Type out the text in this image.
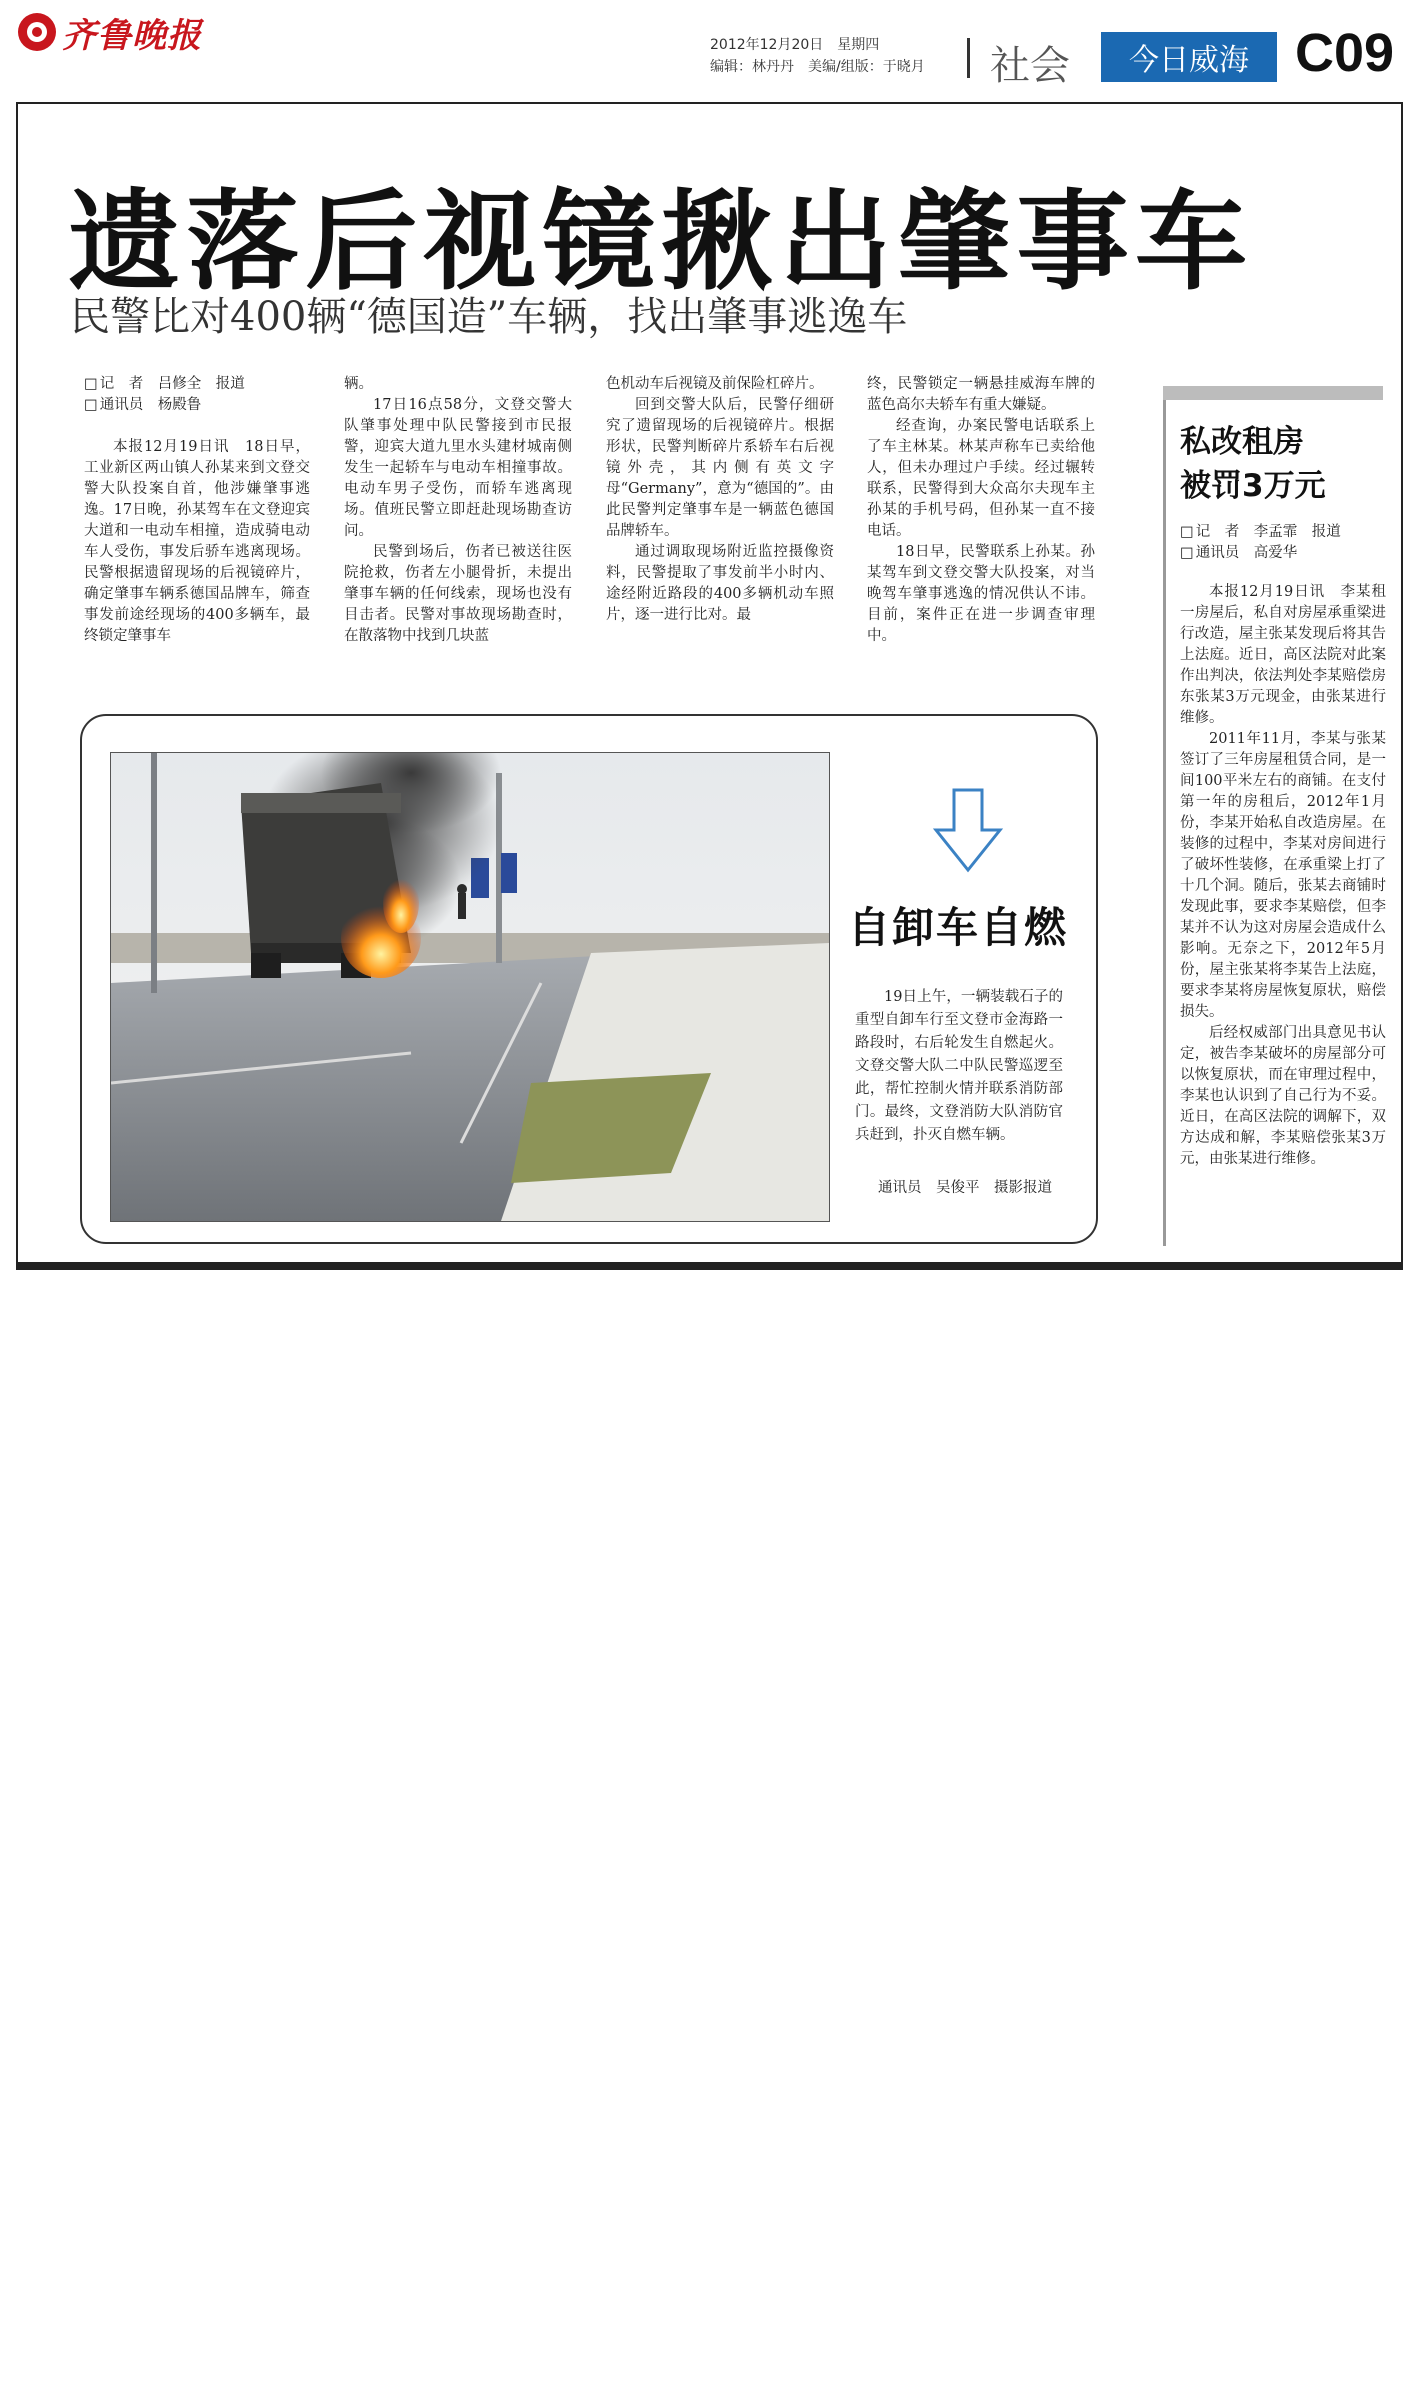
齐鲁晚报	2012年12月20日　星期四
编辑：林丹丹　美编/组版：于晓月 社会	今日威海 C09
遗落后视镜揪出肇事车
民警比对400辆“德国造”车辆，找出肇事逃逸车
□ 记　者　吕修全　报道
□ 通讯员　杨殿鲁

本报12月19日讯　18日早，工业新区两山镇人孙某来到文登交警大队投案自首，他涉嫌肇事逃逸。17日晚，孙某驾车在文登迎宾大道和一电动车相撞，造成骑电动车人受伤，事发后骄车逃离现场。民警根据遗留现场的后视镜碎片，确定肇事车辆系德国品牌车，筛查事发前途经现场的400多辆车，最终锁定肇事车

辆。

17日16点58分，文登交警大队肇事处理中队民警接到市民报警，迎宾大道九里水头建材城南侧发生一起轿车与电动车相撞事故。电动车男子受伤，而轿车逃离现场。值班民警立即赶赴现场勘查访问。

民警到场后，伤者已被送往医院抢救，伤者左小腿骨折，未提出肇事车辆的任何线索，现场也没有目击者。民警对事故现场勘查时，在散落物中找到几块蓝

色机动车后视镜及前保险杠碎片。

回到交警大队后，民警仔细研究了遗留现场的后视镜碎片。根据形状，民警判断碎片系轿车右后视镜外壳，其内侧有英文字母“Germany”，意为“德国的”。由此民警判定肇事车是一辆蓝色德国品牌轿车。

通过调取现场附近监控摄像资料，民警提取了事发前半小时内、途经附近路段的400多辆机动车照片，逐一进行比对。最

终，民警锁定一辆悬挂威海车牌的蓝色高尔夫轿车有重大嫌疑。

经查询，办案民警电话联系上了车主林某。林某声称车已卖给他人，但未办理过户手续。经过辗转联系，民警得到大众高尔夫现车主孙某的手机号码，但孙某一直不接电话。

18日早，民警联系上孙某。孙某驾车到文登交警大队投案，对当晚驾车肇事逃逸的情况供认不讳。目前，案件正在进一步调查审理中。

自卸车自燃

19日上午，一辆装载石子的重型自卸车行至文登市金海路一路段时，右后轮发生自燃起火。文登交警大队二中队民警巡逻至此，帮忙控制火情并联系消防部门。最终，文登消防大队消防官兵赶到，扑灭自燃车辆。

通讯员　吴俊平　摄影报道
私改租房
被罚3万元
□ 记　者　李孟霏　报道
□ 通讯员　高爱华

本报12月19日讯　李某租一房屋后，私自对房屋承重梁进行改造，屋主张某发现后将其告上法庭。近日，高区法院对此案作出判决，依法判处李某赔偿房东张某3万元现金，由张某进行维修。

2011年11月，李某与张某签订了三年房屋租赁合同，是一间100平米左右的商铺。在支付第一年的房租后，2012年1月份，李某开始私自改造房屋。在装修的过程中，李某对房间进行了破坏性装修，在承重梁上打了十几个洞。随后，张某去商铺时发现此事，要求李某赔偿，但李某并不认为这对房屋会造成什么影响。无奈之下，2012年5月份，屋主张某将李某告上法庭，要求李某将房屋恢复原状，赔偿损失。

后经权威部门出具意见书认定，被告李某破坏的房屋部分可以恢复原状，而在审理过程中，李某也认识到了自己行为不妥。近日，在高区法院的调解下，双方达成和解，李某赔偿张某3万元，由张某进行维修。
